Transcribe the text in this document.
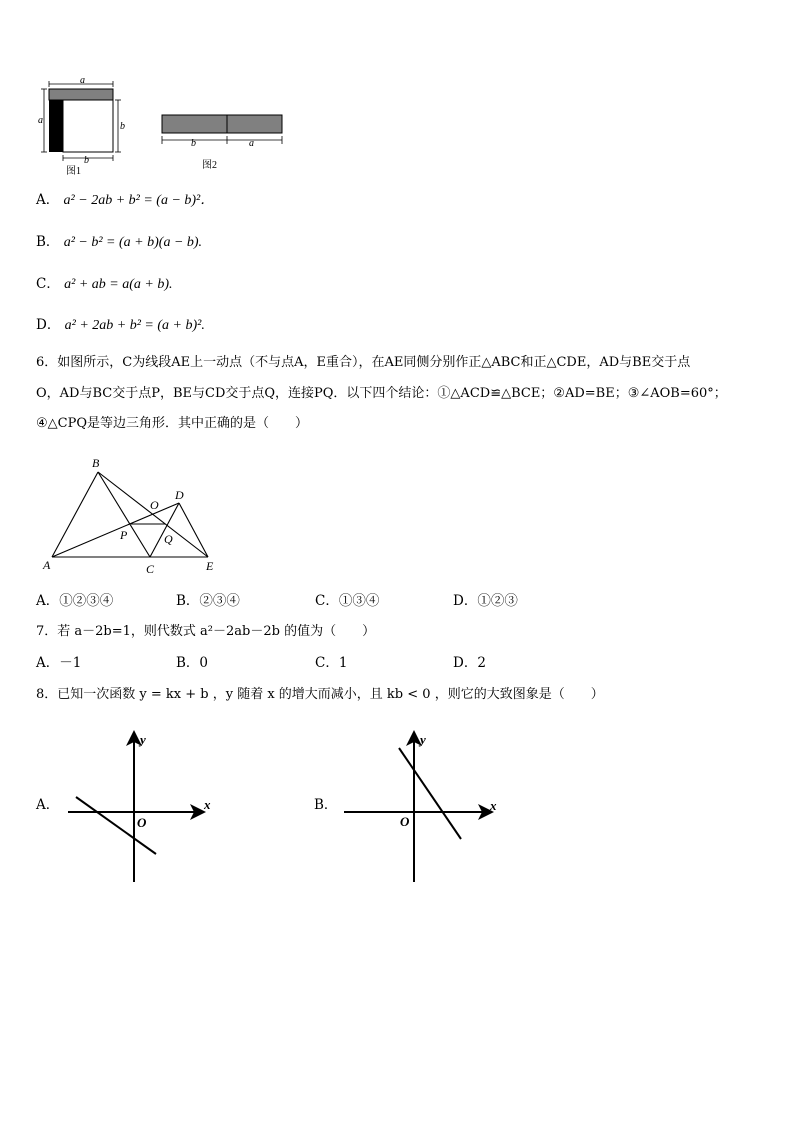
a
a
b
b
图1
b	a
图2
A． a² − 2ab + b² = (a − b)²．
B． a² − b² = (a + b)(a − b).
C． a² + ab = a(a + b).
D． a² + 2ab + b² = (a + b)².
6．如图所示，C为线段AE上一动点（不与点A，E重合），在AE同侧分别作正△ABC和正△CDE，AD与BE交于点
O，AD与BC交于点P，BE与CD交于点Q，连接PQ．以下四个结论：①△ACD≌△BCE；②AD=BE；③∠AOB=60°；
④△CPQ是等边三角形．其中正确的是（　　）
B
D
O
P	Q
A	C	E
A．①②③④	B．②③④	C．①③④	D．①②③
7．若 a－2b=1，则代数式 a²－2ab－2b 的值为（　　）
A．－1	B．0	C．1	D．2
8．已知一次函数 y = kx + b ，y 随着 x 的增大而减小，且 kb < 0 ，则它的大致图象是（　　）
A．	x
y
O
B．	x
y
O
